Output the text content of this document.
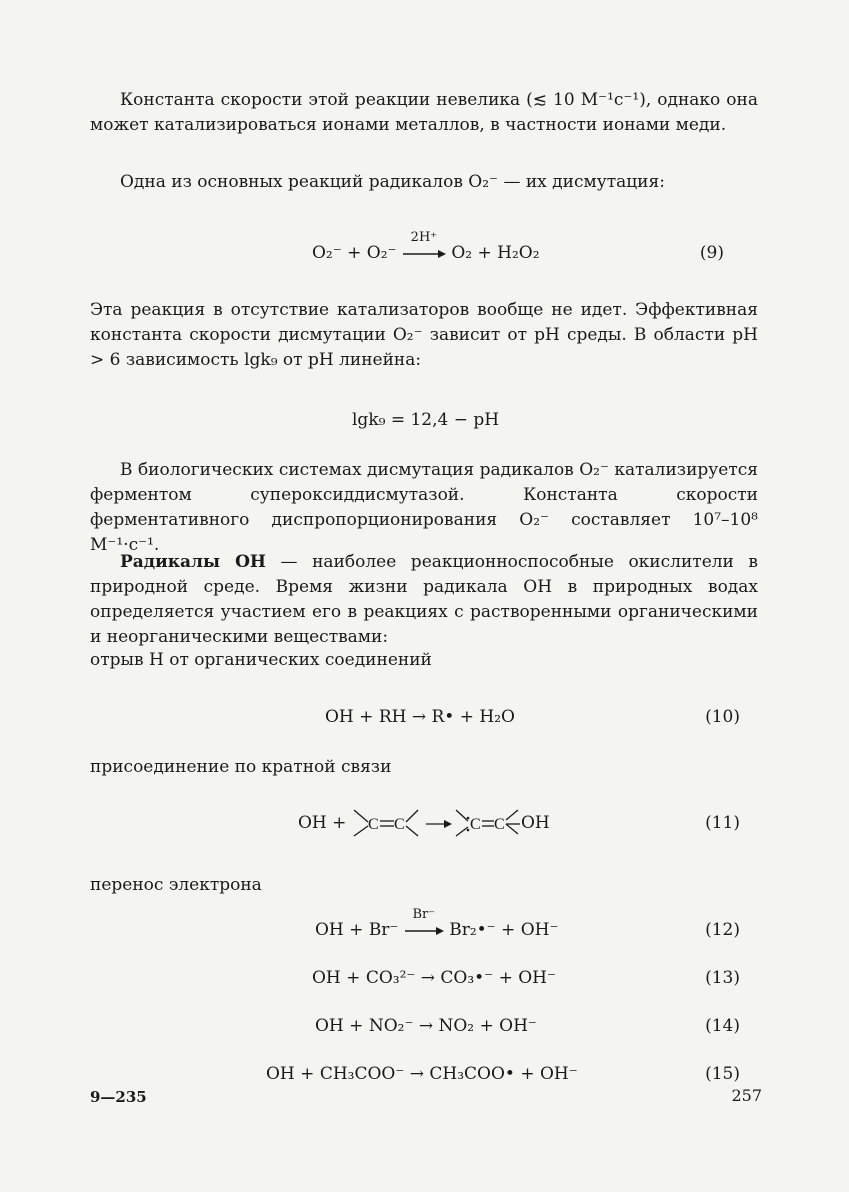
Константа скорости этой реакции невелика (≲ 10 М⁻¹с⁻¹), однако она может катализироваться ионами металлов, в частности ионами меди.

Одна из основных реакций радикалов O₂⁻ — их дисмутация:

O₂⁻ + O₂⁻
2H⁺
O₂ + H₂O₂	(9)

Эта реакция в отсутствие катализаторов вообще не идет. Эффективная константа скорости дисмутации O₂⁻ зависит от pH среды. В области pH > 6 зависимость lgk₉ от pH линейна:

lgk₉ = 12,4 − pH

В биологических системах дисмутация радикалов O₂⁻ катализируется ферментом супероксиддисмутазой. Константа скорости ферментативного диспропорционирования O₂⁻ составляет 10⁷–10⁸ М⁻¹·с⁻¹.

Радикалы OH — наиболее реакционноспособные окислители в природной среде. Время жизни радикала OH в природных водах определяется участием его в реакциях с растворенными органическими и неорганическими веществами:

отрыв H от органических соединений
OH + RH → R• + H₂O	(10)
присоединение по кратной связи
OH + C C	C C OH	(11)
перенос электрона
OH + Br⁻
Br⁻
Br₂•⁻ + OH⁻	(12)
OH + CO₃²⁻ → CO₃•⁻ + OH⁻	(13)
OH + NO₂⁻ → NO₂ + OH⁻	(14)
OH + CH₃COO⁻ → CH₃COO• + OH⁻	(15)
9—235	257
